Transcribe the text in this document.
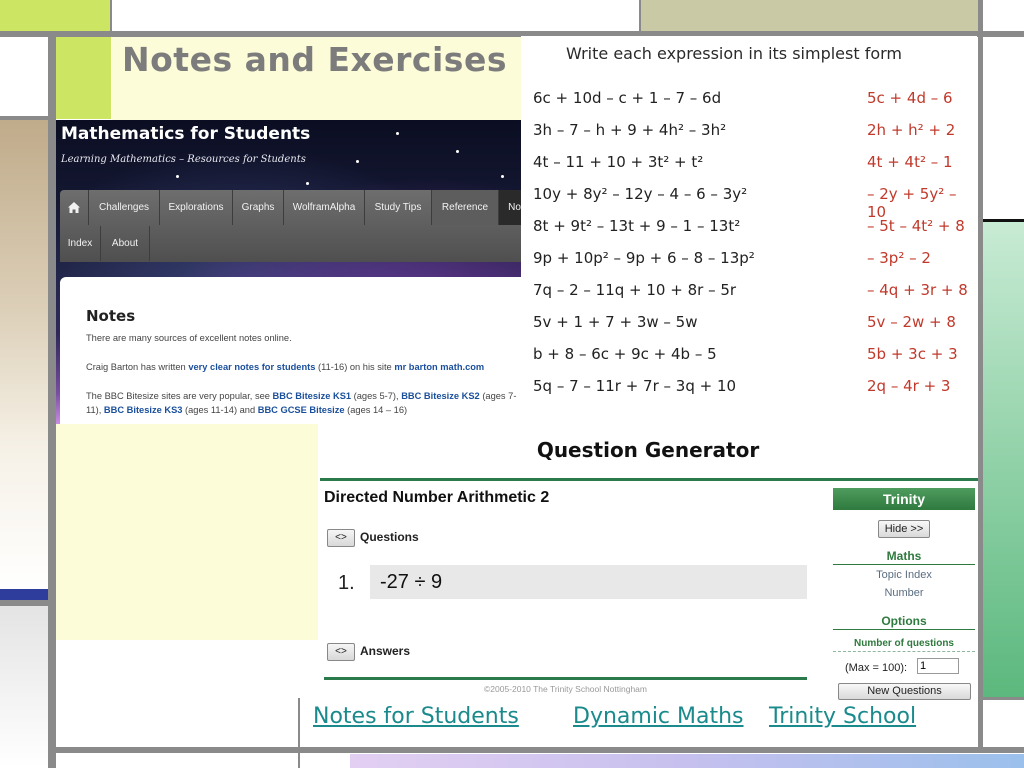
Notes and Exercises
Mathematics for Students
Learning Mathematics – Resources for Students
Challenges	Explorations	Graphs	WolframAlpha	Study Tips	Reference	No
Index	About
Notes
There are many sources of excellent notes online.
Craig Barton has written very clear notes for students (11-16) on his site mr barton math.com
The BBC Bitesize sites are very popular, see BBC Bitesize KS1 (ages 5-7), BBC Bitesize KS2 (ages 7-11), BBC Bitesize KS3 (ages 11-14) and BBC GCSE Bitesize (ages 14 – 16)
Write each expression in its simplest form
6c + 10d – c + 1 – 7 – 6d	5c + 4d – 6
3h – 7 – h + 9 + 4h² – 3h²	2h + h² + 2
4t – 11 + 10 + 3t² + t²	4t + 4t² – 1
10y + 8y² – 12y – 4 – 6 – 3y²	– 2y + 5y² – 10
8t + 9t² – 13t + 9 – 1 – 13t²	– 5t – 4t² + 8
9p + 10p² – 9p + 6 – 8 – 13p²	– 3p² – 2
7q – 2 – 11q + 10 + 8r – 5r	– 4q + 3r + 8
5v + 1 + 7 + 3w – 5w	5v – 2w + 8
b + 8 – 6c + 9c + 4b – 5	5b + 3c + 3
5q – 7 – 11r + 7r – 3q + 10	2q – 4r + 3
Question Generator
Directed Number Arithmetic 2
<>	Questions
1. -27 ÷ 9
<>	Answers
©2005-2010 The Trinity School Nottingham
Trinity
Hide >>
Maths
Topic Index
Number
Options
Number of questions
(Max = 100):
1
New Questions
Notes for Students Dynamic Maths Trinity School
